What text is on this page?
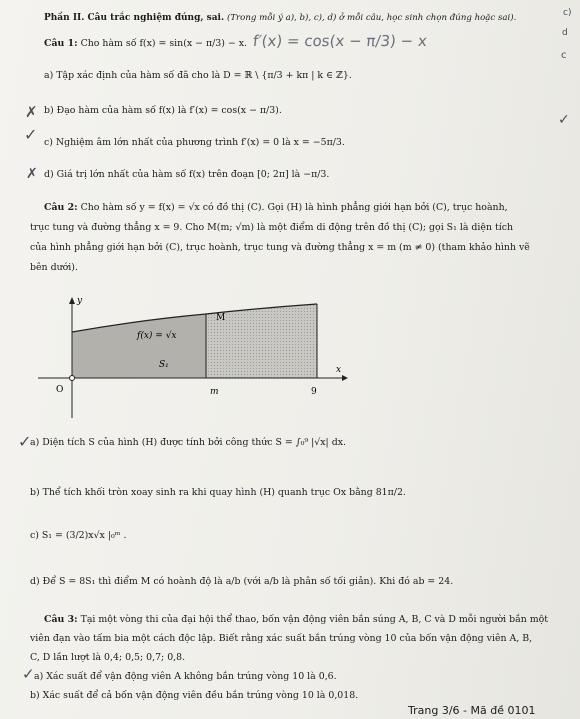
Phần II. Câu trắc nghiệm đúng, sai. (Trong mỗi ý a), b), c), d) ở mỗi câu, học sinh chọn đúng hoặc sai).	c)
d
c
Câu 1: Cho hàm số f(x) = sin(x − π/3) − x. f′(x) = cos(x − π/3) − x
a) Tập xác định của hàm số đã cho là D = ℝ \ {π/3 + kπ | k ∈ ℤ}.
✗ b) Đạo hàm của hàm số f(x) là f′(x) = cos(x − π/3).
✓
✓
c) Nghiệm âm lớn nhất của phương trình f′(x) = 0 là x = −5π/3.
✗ d) Giá trị lớn nhất của hàm số f(x) trên đoạn [0; 2π] là −π/3.
Câu 2: Cho hàm số y = f(x) = √x có đồ thị (C). Gọi (H) là hình phẳng giới hạn bởi (C), trục hoành,
trục tung và đường thẳng x = 9. Cho M(m; √m) là một điểm di động trên đồ thị (C); gọi S₁ là diện tích
của hình phẳng giới hạn bởi (C), trục hoành, trục tung và đường thẳng x = m (m ≠ 0) (tham khảo hình vẽ
bên dưới).
y
x
f(x) = √x
M
S₁
O	m	9
✓
a) Diện tích S của hình (H) được tính bởi công thức S = ∫₀⁹ |√x| dx.
b) Thể tích khối tròn xoay sinh ra khi quay hình (H) quanh trục Ox bằng 81π/2.
c) S₁ = (3/2)x√x |₀ᵐ .
d) Để S = 8S₁ thì điểm M có hoành độ là a/b (với a/b là phân số tối giản). Khi đó ab = 24.
Câu 3: Tại một vòng thi của đại hội thể thao, bốn vận động viên bắn súng A, B, C và D mỗi người bắn một
viên đạn vào tấm bia một cách độc lập. Biết rằng xác suất bắn trúng vòng 10 của bốn vận động viên A, B,
C, D lần lượt là 0,4; 0,5; 0,7; 0,8.
✓ a) Xác suất để vận động viên A không bắn trúng vòng 10 là 0,6.
b) Xác suất để cả bốn vận động viên đều bắn trúng vòng 10 là 0,018.
Trang 3/6 - Mã đề 0101
